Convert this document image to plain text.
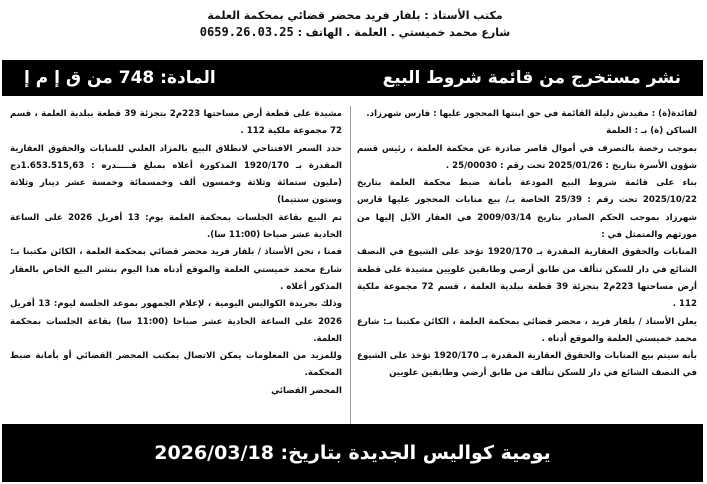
مكتب الأستاذ : بلفار فريد محضر قضائي بمحكمة العلمة
شارع محمد خميستي . العلمة . الهاتف : 0659.26.03.25
نشر مستخرج من قائمة شروط البيع
المادة: 748 من ق إ م إ

لفائدة(ة) : مقيدش دليلة القائمة في حق ابنتها المحجور عليها : قارس شهرزاد.

الساكن (ة) بـ : العلمة

بموجب رخصة بالتصرف في أموال قاصر صادرة عن محكمة العلمة ، رئيس قسم شؤون الأسرة بتاريخ : 2025/01/26 تحت رقم : 25/00030 .

بناء على قائمة شروط البيع المودعة بأمانة ضبط محكمة العلمة بتاريخ 2025/10/22 تحت رقم : 25/39 الخاصة بـ/ بيع منابات المحجور عليها قارس شهرزاد بموجب الحكم الصادر بتاريخ 2009/03/14 في العقار الآيل إليها من مورثهم والمتمثل في :

المنابات والحقوق العقارية المقدرة بـ 1920/170 تؤخذ على الشيوع في النصف الشائع في دار للسكن تتألف من طابق أرضي وطابقين علويين مشيدة على قطعة أرض مساحتها 223م2 بتجزئة 39 قطعة ببلدية العلمة ، قسم 72 مجموعة ملكية 112 .

يعلن الأستاذ / بلفار فريد ، محضر قضائي بمحكمة العلمة ، الكائن مكتبنا بـ: شارع محمد خميستي العلمة والموقع أدناه .

بأنه سيتم بيع المنابات والحقوق العقارية المقدرة بـ 1920/170 تؤخذ على الشيوع في النصف الشائع في دار للسكن تتألف من طابق أرضي وطابقين علويين

مشيدة على قطعة أرض مساحتها 223م2 بتجزئة 39 قطعة ببلدية العلمة ، قسم 72 مجموعة ملكية 112 .

حدد السعر الافتتاحي لانطلاق البيع بالمزاد العلني للمنابات والحقوق العقارية المقدرة بـ 1920/170 المذكورة أعلاه بمبلغ قـــــدره : 1.653.515,63دج (مليون ستمائة وثلاثة وخمسون ألف وخمسمائة وخمسة عشر دينار وثلاثة وستون سنتيما)

تم البيع بقاعة الجلسات بمحكمة العلمة يوم: 13 أفريل 2026 على الساعة الحادية عشر صباحا (11:00 سا).

فمنا ، نحن الأستاذ / بلفار فريد محضر قضائي بمحكمة العلمة ، الكائن مكتبنا بـ: شارع محمد خميستي العلمة والموقع أدناه هذا اليوم بنشر البيع الخاص بالعقار المذكور أعلاه .

وذلك بجريدة الكواليس اليومية ، لإعلام الجمهور بموعد الجلسة ليوم: 13 أفريل 2026 على الساعة الحادية عشر صباحا (11:00 سا) بقاعة الجلسات بمحكمة العلمة.

وللمزيد من المعلومات يمكن الاتصال بمكتب المحضر القضائي أو بأمانة ضبط المحكمة.

المحضر القضائي

يومية كواليس الجديدة بتاريخ: 2026/03/18
